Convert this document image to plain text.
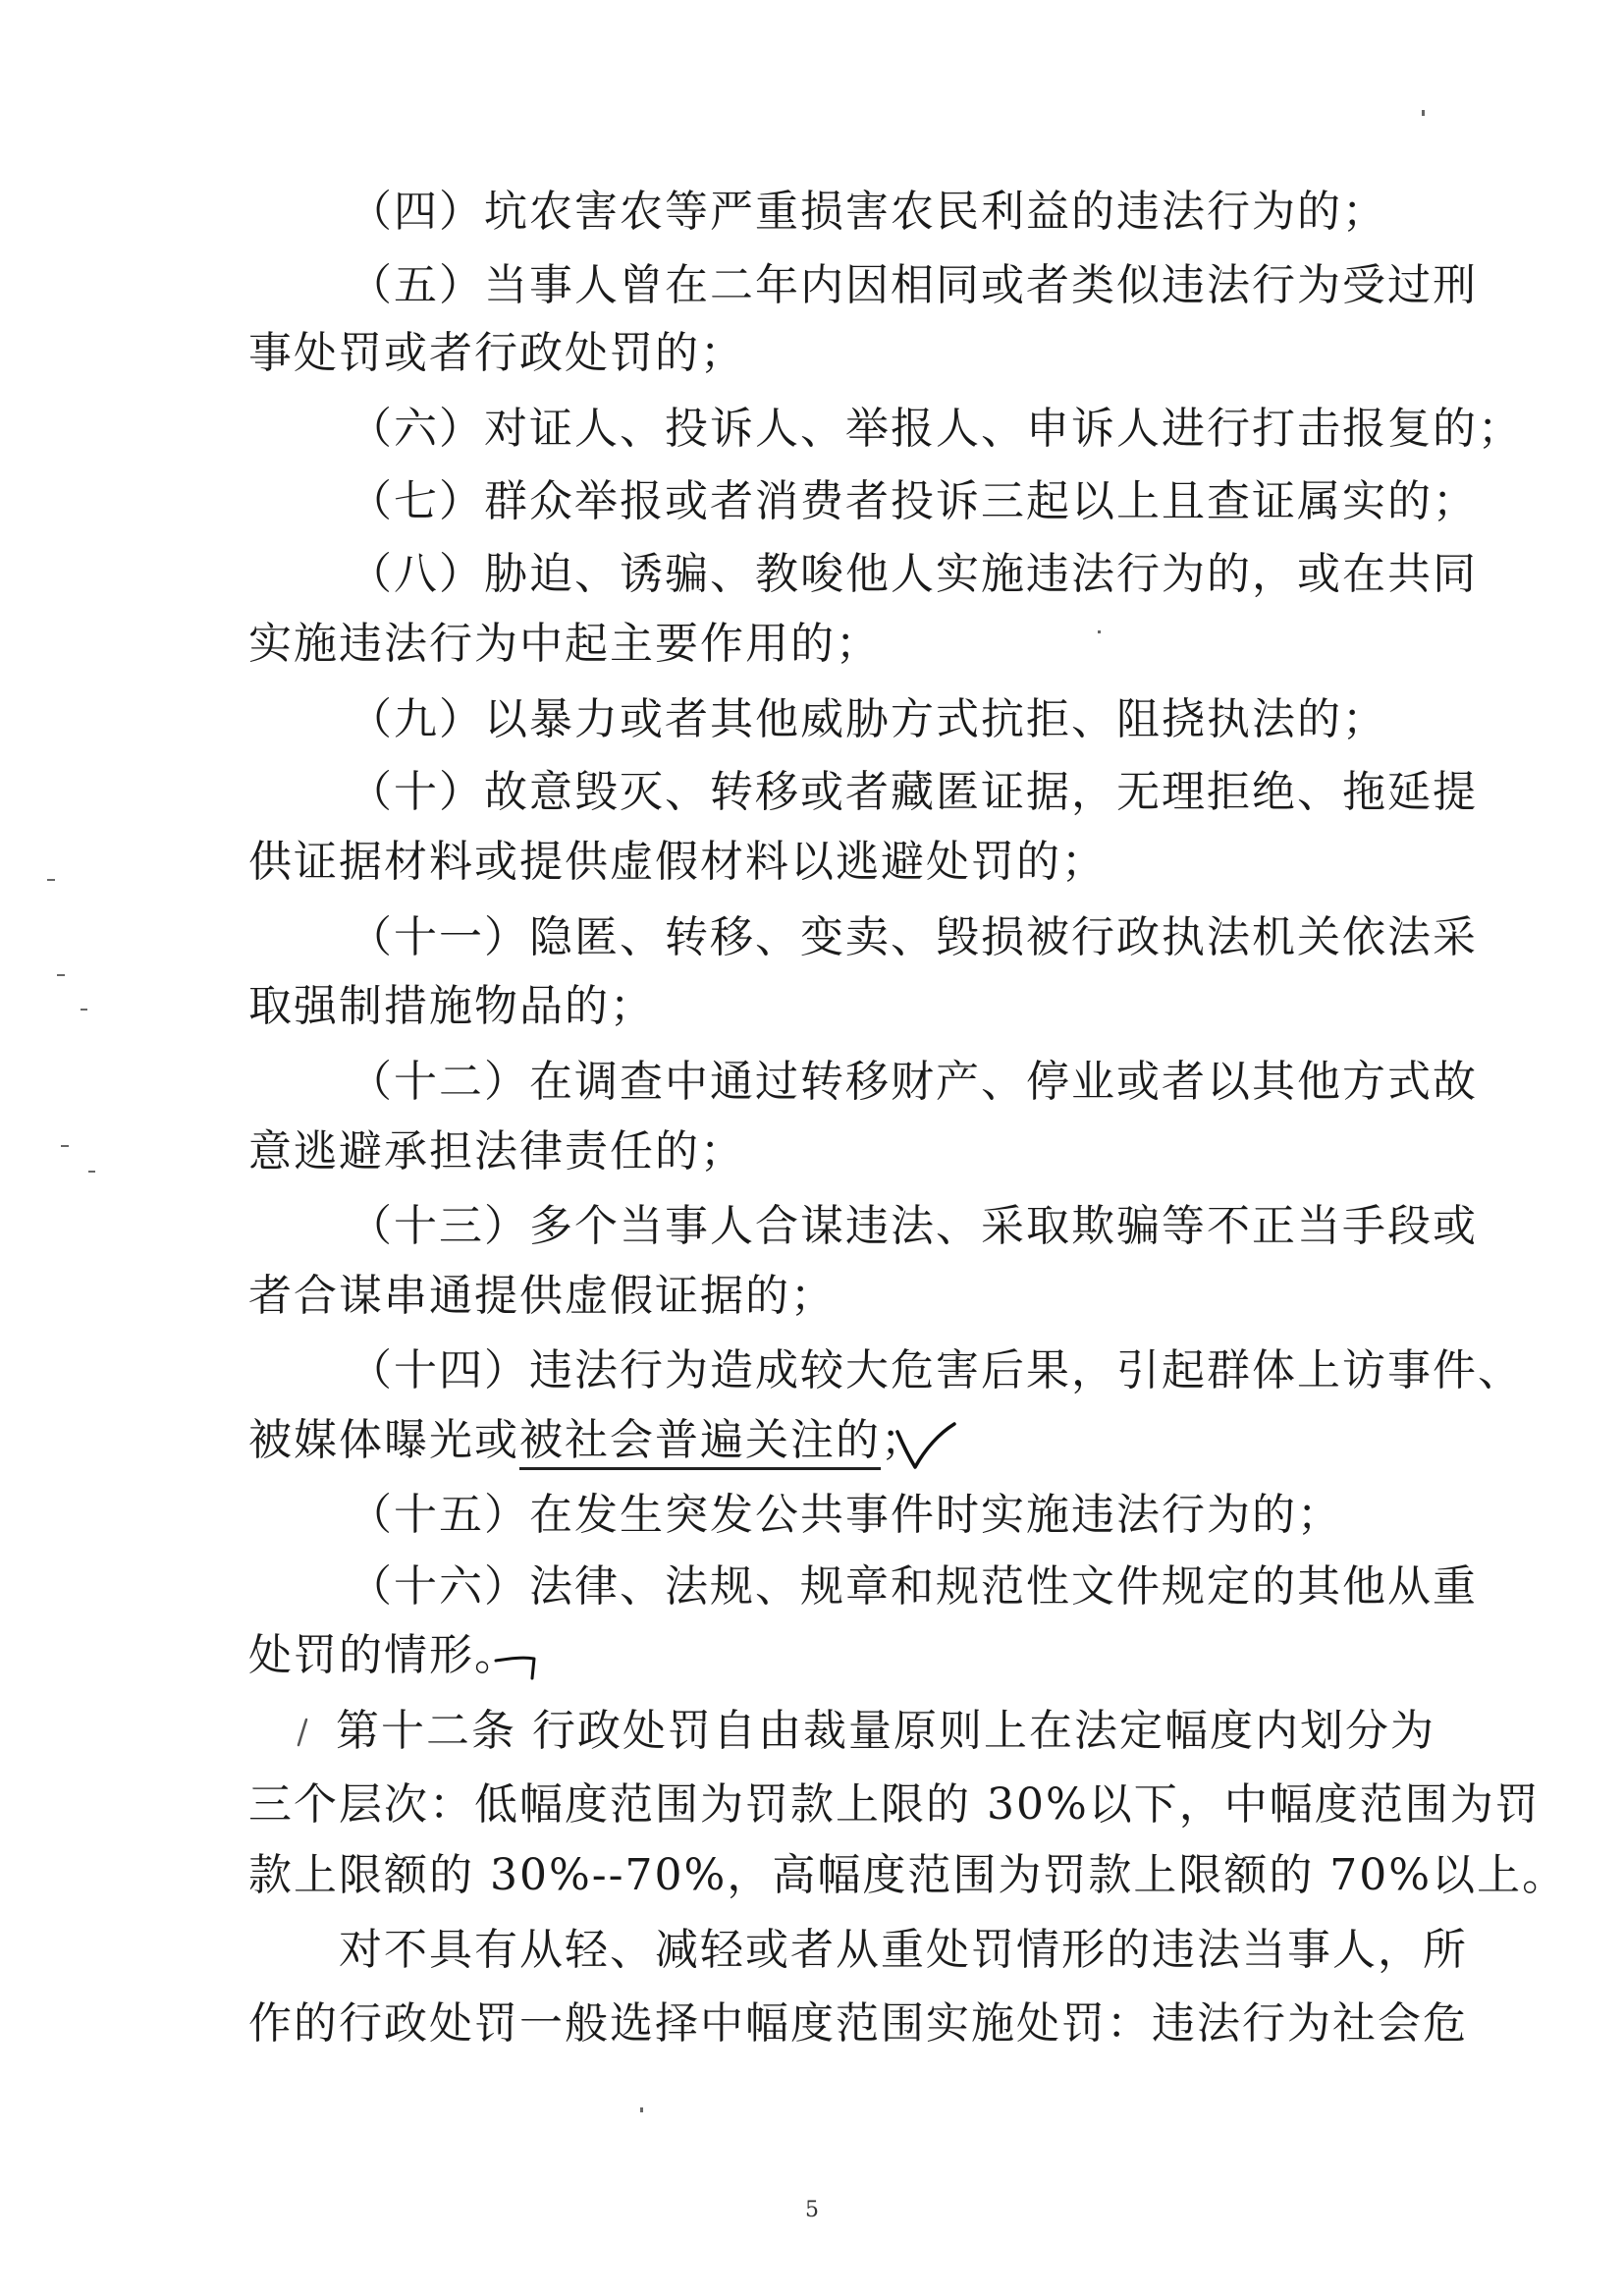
（四）坑农害农等严重损害农民利益的违法行为的；
（五）当事人曾在二年内因相同或者类似违法行为受过刑
事处罚或者行政处罚的；
（六）对证人、投诉人、举报人、申诉人进行打击报复的；
（七）群众举报或者消费者投诉三起以上且查证属实的；
（八）胁迫、诱骗、教唆他人实施违法行为的，或在共同
实施违法行为中起主要作用的；
（九）以暴力或者其他威胁方式抗拒、阻挠执法的；
（十）故意毁灭、转移或者藏匿证据，无理拒绝、拖延提
供证据材料或提供虚假材料以逃避处罚的；
（十一）隐匿、转移、变卖、毁损被行政执法机关依法采
取强制措施物品的；
（十二）在调查中通过转移财产、停业或者以其他方式故
意逃避承担法律责任的；
（十三）多个当事人合谋违法、采取欺骗等不正当手段或
者合谋串通提供虚假证据的；
（十四）违法行为造成较大危害后果，引起群体上访事件、
被媒体曝光或被社会普遍关注的；
（十五）在发生突发公共事件时实施违法行为的；
（十六）法律、法规、规章和规范性文件规定的其他从重
处罚的情形。
第十二条 行政处罚自由裁量原则上在法定幅度内划分为
三个层次：低幅度范围为罚款上限的 30%以下，中幅度范围为罚
款上限额的 30%--70%，高幅度范围为罚款上限额的 70%以上。
对不具有从轻、减轻或者从重处罚情形的违法当事人，所
作的行政处罚一般选择中幅度范围实施处罚：违法行为社会危
5
